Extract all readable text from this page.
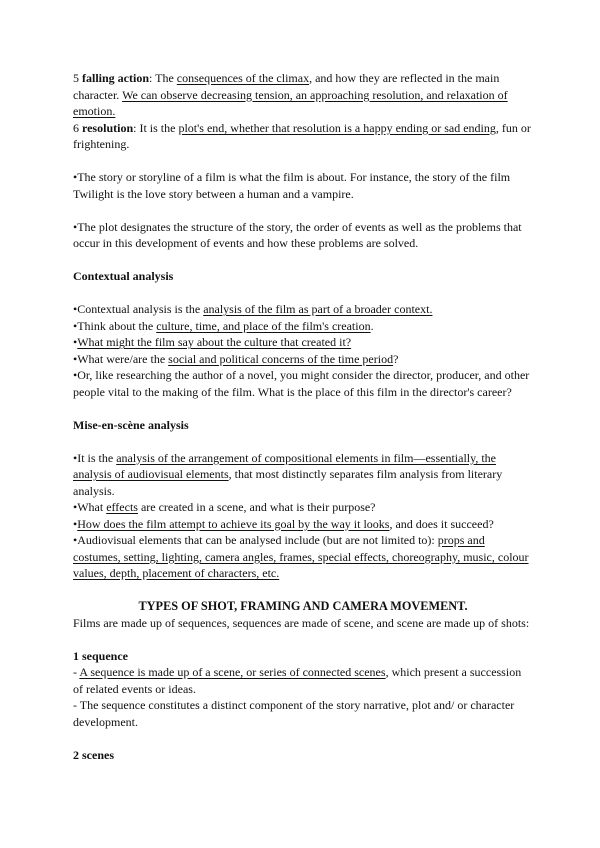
5 falling action: The consequences of the climax, and how they are reflected in the main character. We can observe decreasing tension, an approaching resolution, and relaxation of emotion.

6 resolution: It is the plot's end, whether that resolution is a happy ending or sad ending, fun or frightening.

•The story or storyline of a film is what the film is about. For instance, the story of the film Twilight is the love story between a human and a vampire.

•The plot designates the structure of the story, the order of events as well as the problems that occur in this development of events and how these problems are solved.

Contextual analysis

•Contextual analysis is the analysis of the film as part of a broader context.

•Think about the culture, time, and place of the film's creation.

•What might the film say about the culture that created it?

•What were/are the social and political concerns of the time period?

•Or, like researching the author of a novel, you might consider the director, producer, and other people vital to the making of the film. What is the place of this film in the director's career?

Mise-en-scène analysis

•It is the analysis of the arrangement of compositional elements in film—essentially, the analysis of audiovisual elements, that most distinctly separates film analysis from literary analysis.

•What effects are created in a scene, and what is their purpose?

•How does the film attempt to achieve its goal by the way it looks, and does it succeed?

•Audiovisual elements that can be analysed include (but are not limited to): props and costumes, setting, lighting, camera angles, frames, special effects, choreography, music, colour values, depth, placement of characters, etc.

TYPES OF SHOT, FRAMING AND CAMERA MOVEMENT.

Films are made up of sequences, sequences are made of scene, and scene are made up of shots:

1 sequence

- A sequence is made up of a scene, or series of connected scenes, which present a succession of related events or ideas.

- The sequence constitutes a distinct component of the story narrative, plot and/ or character development.

2 scenes
